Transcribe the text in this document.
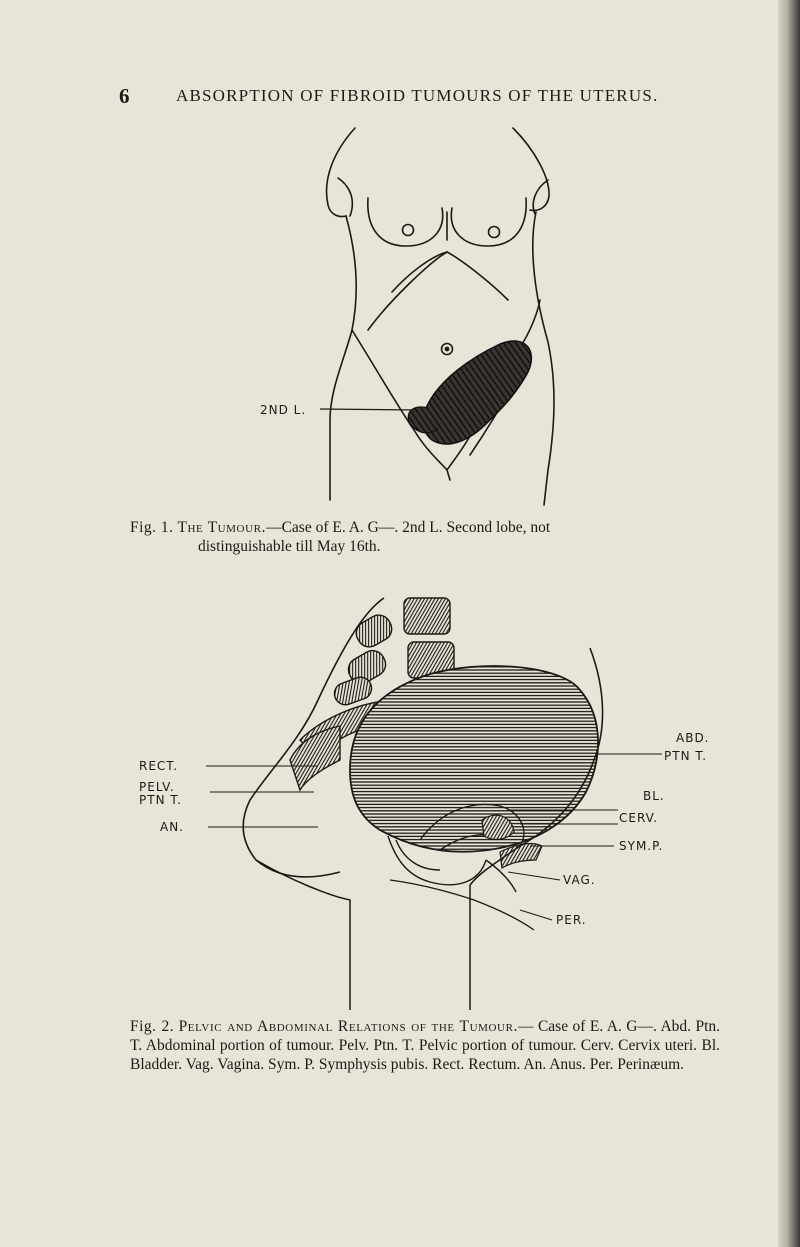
6	ABSORPTION OF FIBROID TUMOURS OF THE UTERUS.
2ND L.
Fig. 1. The Tumour.—Case of E. A. G—. 2nd L. Second lobe, not
distinguishable till May 16th.
ABD.
PTN T.
RECT.
PELV.
PTN T.
AN.
BL.
CERV.
SYM.P.
VAG.
PER.
Fig. 2. Pelvic and Abdominal Relations of the Tumour.— Case of E. A. G—. Abd. Ptn. T. Abdominal portion of tumour. Pelv. Ptn. T. Pelvic portion of tumour. Cerv. Cervix uteri. Bl. Bladder. Vag. Vagina. Sym. P. Symphysis pubis. Rect. Rectum. An. Anus. Per. Perinæum.
